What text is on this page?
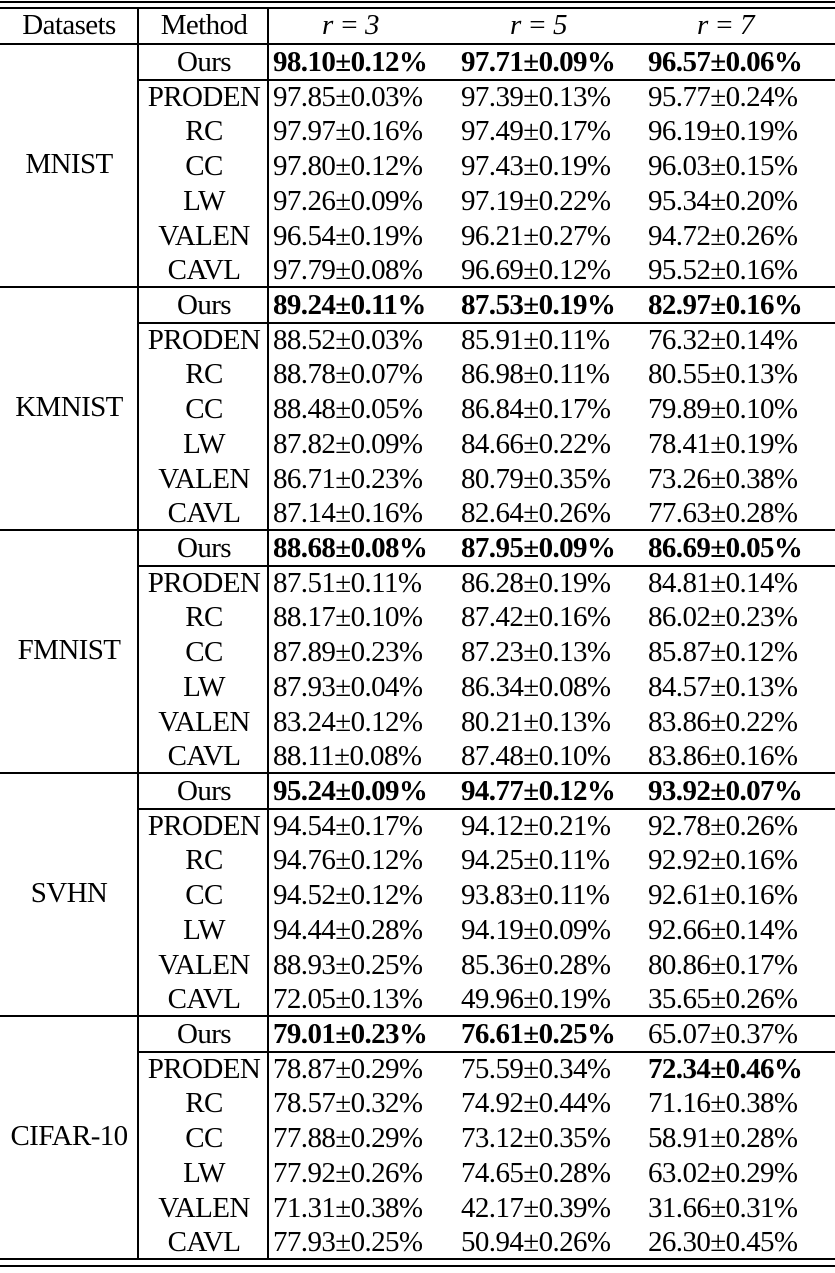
Datasets	Method	r = 3	r = 5	r = 7
MNIST
Ours	98.10±0.12% 97.71±0.09% 96.57±0.06%
PRODEN 97.85±0.03% 97.39±0.13% 95.77±0.24%
RC	97.97±0.16% 97.49±0.17% 96.19±0.19%
CC	97.80±0.12% 97.43±0.19% 96.03±0.15%
LW	97.26±0.09% 97.19±0.22% 95.34±0.20%
VALEN 96.54±0.19% 96.21±0.27% 94.72±0.26%
CAVL	97.79±0.08% 96.69±0.12% 95.52±0.16%
KMNIST
Ours	89.24±0.11% 87.53±0.19% 82.97±0.16%
PRODEN 88.52±0.03% 85.91±0.11% 76.32±0.14%
RC	88.78±0.07% 86.98±0.11% 80.55±0.13%
CC	88.48±0.05% 86.84±0.17% 79.89±0.10%
LW	87.82±0.09% 84.66±0.22% 78.41±0.19%
VALEN 86.71±0.23% 80.79±0.35% 73.26±0.38%
CAVL	87.14±0.16% 82.64±0.26% 77.63±0.28%
FMNIST
Ours	88.68±0.08% 87.95±0.09% 86.69±0.05%
PRODEN 87.51±0.11% 86.28±0.19% 84.81±0.14%
RC	88.17±0.10% 87.42±0.16% 86.02±0.23%
CC	87.89±0.23% 87.23±0.13% 85.87±0.12%
LW	87.93±0.04% 86.34±0.08% 84.57±0.13%
VALEN 83.24±0.12% 80.21±0.13% 83.86±0.22%
CAVL	88.11±0.08% 87.48±0.10% 83.86±0.16%
SVHN
Ours	95.24±0.09% 94.77±0.12% 93.92±0.07%
PRODEN 94.54±0.17% 94.12±0.21% 92.78±0.26%
RC	94.76±0.12% 94.25±0.11% 92.92±0.16%
CC	94.52±0.12% 93.83±0.11% 92.61±0.16%
LW	94.44±0.28% 94.19±0.09% 92.66±0.14%
VALEN 88.93±0.25% 85.36±0.28% 80.86±0.17%
CAVL	72.05±0.13% 49.96±0.19% 35.65±0.26%
CIFAR-10
Ours	79.01±0.23% 76.61±0.25% 65.07±0.37%
PRODEN 78.87±0.29% 75.59±0.34% 72.34±0.46%
RC	78.57±0.32% 74.92±0.44% 71.16±0.38%
CC	77.88±0.29% 73.12±0.35% 58.91±0.28%
LW	77.92±0.26% 74.65±0.28% 63.02±0.29%
VALEN 71.31±0.38% 42.17±0.39% 31.66±0.31%
CAVL	77.93±0.25% 50.94±0.26% 26.30±0.45%
